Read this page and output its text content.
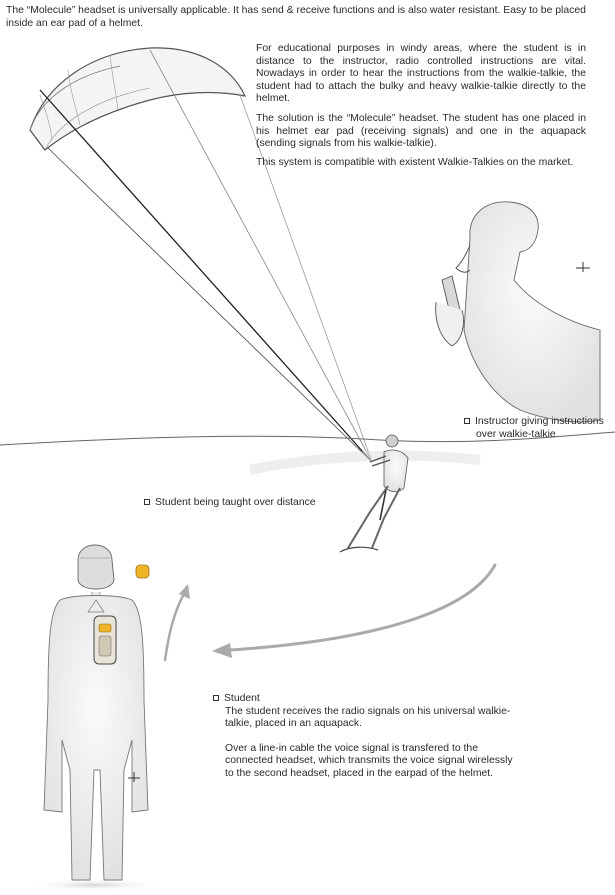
The “Molecule” headset is universally applicable. It has send & receive functions and is also water resistant. Easy to be placed inside an ear pad of a helmet.
For educational purposes in windy areas, where the student is in distance to the instructor, radio controlled instructions are vital. Nowadays in order to hear the instructions from the walkie-talkie, the student had to attach the bulky and heavy walkie-talkie directly to the helmet.
The solution is the “Molecule” headset. The student has one placed in his helmet ear pad (receiving signals) and one in the aquapack (sending signals from his walkie-talkie).
This system is compatible with existent Walkie-Talkies on the market.
Instructor giving instructions
over walkie-talkie
Student being taught over distance
Student

The student receives the radio signals on his universal walkie-talkie, placed in an aquapack.

Over a line-in cable the voice signal is transfered to the connected headset, which transmits the voice signal wirelessly to the second headset, placed in the earpad of the helmet.
